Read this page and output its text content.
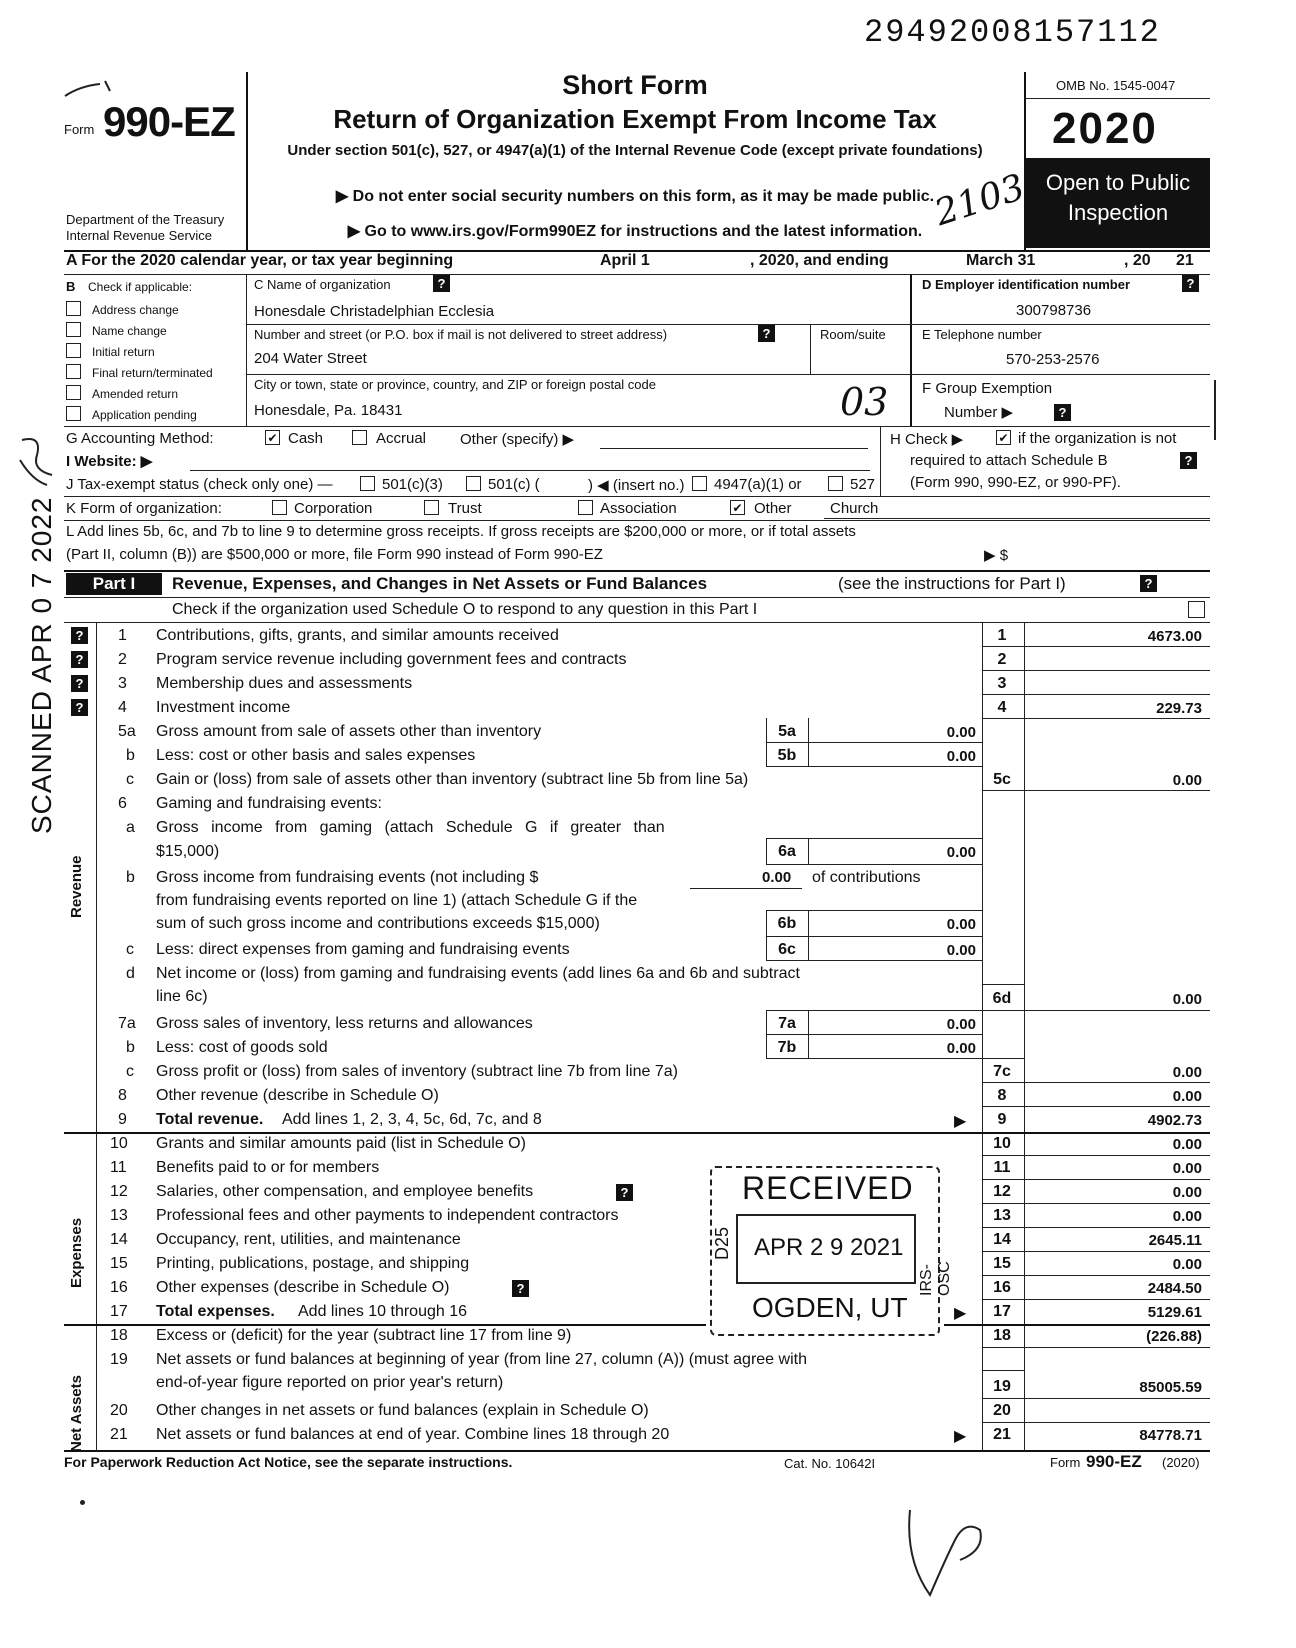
29492008157112
Form 990-EZ
Department of the Treasury
Internal Revenue Service
Short Form
Return of Organization Exempt From Income Tax
Under section 501(c), 527, or 4947(a)(1) of the Internal Revenue Code (except private foundations)
▶ Do not enter social security numbers on this form, as it may be made public.
▶ Go to www.irs.gov/Form990EZ for instructions and the latest information.
OMB No. 1545-0047
2020
Open to Public
Inspection
A For the 2020 calendar year, or tax year beginning	April 1	, 2020, and ending	March 31	, 20 21
B Check if applicable:
Address change
Name change
Initial return
Final return/terminated
Amended return
Application pending
C Name of organization	?
Honesdale Christadelphian Ecclesia
Number and street (or P.O. box if mail is not delivered to street address)	?	Room/suite
204 Water Street
City or town, state or province, country, and ZIP or foreign postal code
Honesdale, Pa. 18431
D Employer identification number	?
300798736
E Telephone number
570-253-2576
F Group Exemption
Number ▶	?
G Accounting Method:	✔ Cash	Accrual Other (specify) ▶	H Check ▶	✔ if the organization is not
required to attach Schedule B	?
(Form 990, 990-EZ, or 990-PF).
I Website: ▶
J Tax-exempt status (check only one) —	501(c)(3)	501(c) (	) ◀ (insert no.) 4947(a)(1) or	527
K Form of organization:	Corporation	Trust	Association	✔ Other	Church
L Add lines 5b, 6c, and 7b to line 9 to determine gross receipts. If gross receipts are $200,000 or more, or if total assets
(Part II, column (B)) are $500,000 or more, file Form 990 instead of Form 990-EZ	▶ $
Part I	Revenue, Expenses, and Changes in Net Assets or Fund Balances	(see the instructions for Part I)	?
Check if the organization used Schedule O to respond to any question in this Part I
?
?
?
?
Revenue
Expenses
Net Assets
1 Contributions, gifts, grants, and similar amounts received	1	4673.00
2 Program service revenue including government fees and contracts	2
3 Membership dues and assessments	3
4 Investment income	4	229.73
5a Gross amount from sale of assets other than inventory	5a	0.00
b Less: cost or other basis and sales expenses	5b	0.00
c Gain or (loss) from sale of assets other than inventory (subtract line 5b from line 5a)	5c	0.00
6 Gaming and fundraising events:
a Gross income from gaming (attach Schedule G if greater than
$15,000)	6a	0.00
b Gross income from fundraising events (not including $	0.00 of contributions
from fundraising events reported on line 1) (attach Schedule G if the
sum of such gross income and contributions exceeds $15,000)	6b	0.00
c Less: direct expenses from gaming and fundraising events	6c	0.00
d Net income or (loss) from gaming and fundraising events (add lines 6a and 6b and subtract
line 6c)	6d	0.00
7a Gross sales of inventory, less returns and allowances	7a	0.00
b Less: cost of goods sold	7b	0.00
c Gross profit or (loss) from sales of inventory (subtract line 7b from line 7a)	7c	0.00
8 Other revenue (describe in Schedule O)	8	0.00
9 Total revenue. Add lines 1, 2, 3, 4, 5c, 6d, 7c, and 8	▶	9	4902.73
10 Grants and similar amounts paid (list in Schedule O)	10	0.00
11 Benefits paid to or for members	11	0.00
12 Salaries, other compensation, and employee benefits	?	12	0.00
13 Professional fees and other payments to independent contractors	13	0.00
14 Occupancy, rent, utilities, and maintenance	14	2645.11
15 Printing, publications, postage, and shipping	15	0.00
16 Other expenses (describe in Schedule O)	?	16	2484.50
17 Total expenses. Add lines 10 through 16	▶	17	5129.61
18 Excess or (deficit) for the year (subtract line 17 from line 9)	18	(226.88)
19 Net assets or fund balances at beginning of year (from line 27, column (A)) (must agree with
end-of-year figure reported on prior year's return)	19	85005.59
20 Other changes in net assets or fund balances (explain in Schedule O)	20
21 Net assets or fund balances at end of year. Combine lines 18 through 20	▶	21	84778.71
For Paperwork Reduction Act Notice, see the separate instructions.	Cat. No. 10642I	Form 990-EZ (2020)
RECEIVED
APR 2 9 2021
OGDEN, UT
D25
IRS-OSC
SCANNED APR 0 7 2022
2103
03
